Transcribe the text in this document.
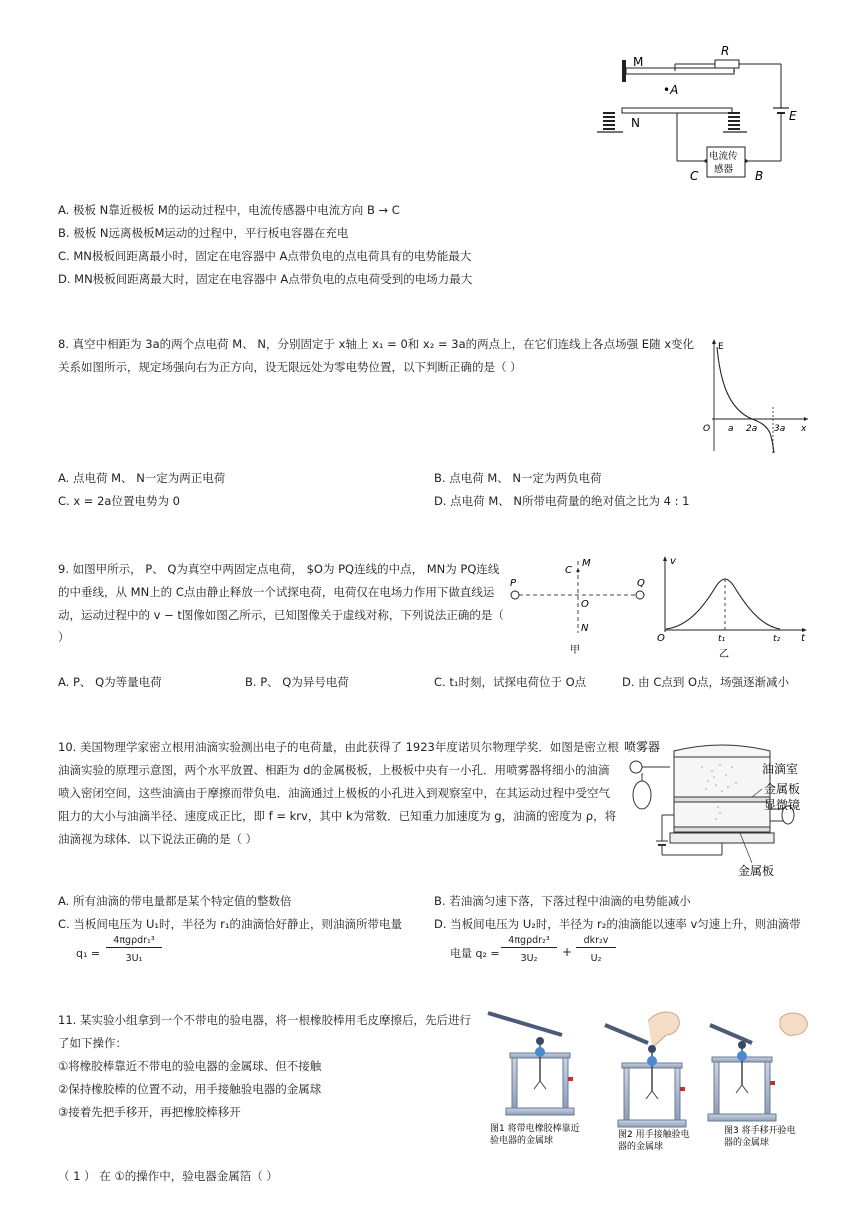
M
•A
N
R
E
电流传
感器
C	B
A. 极板 N靠近极板 M的运动过程中，电流传感器中电流方向 B → C
B. 极板 N远离极板M运动的过程中，平行板电容器在充电
C. MN极板间距离最小时，固定在电容器中 A点带负电的点电荷具有的电势能最大
D. MN极板间距离最大时，固定在电容器中 A点带负电的点电荷受到的电场力最大
8. 真空中相距为 3a的两个点电荷 M、 N，分别固定于 x轴上 x₁ = 0和 x₂ = 3a的两点上，在它们连线上各点场强 E随 x变化
关系如图所示，规定场强向右为正方向，设无限远处为零电势位置，以下判断正确的是（ ）
E
O a 2a 3a x
A. 点电荷 M、 N一定为两正电荷	B. 点电荷 M、 N一定为两负电荷
C. x = 2a位置电势为 0	D. 点电荷 M、 N所带电荷量的绝对值之比为 4 : 1
9. 如图甲所示， P、 Q为真空中两固定点电荷， $O为 PQ连线的中点， MN为 PQ连线
的中垂线，从 MN上的 C点由静止释放一个试探电荷，电荷仅在电场力作用下做直线运
动，运动过程中的 v − t图像如图乙所示，已知图像关于虚线对称，下列说法正确的是（
）
P	Q
C
M
O
N
甲
v
O	t₁	t₂ t
乙
A. P、 Q为等量电荷	B. P、 Q为异号电荷	C. t₁时刻，试探电荷位于 O点	D. 由 C点到 O点，场强逐渐减小
10. 美国物理学家密立根用油滴实验测出电子的电荷量，由此获得了 1923年度诺贝尔物理学奖．如图是密立根
油滴实验的原理示意图，两个水平放置、相距为 d的金属极板，上极板中央有一小孔．用喷雾器将细小的油滴
喷入密闭空间，这些油滴由于摩擦而带负电．油滴通过上极板的小孔进入到观察室中，在其运动过程中受空气
阻力的大小与油滴半径、速度成正比，即 f = krv，其中 k为常数．已知重力加速度为 g，油滴的密度为 ρ，将
油滴视为球体．以下说法正确的是（ ）
喷雾器
油滴室
金属板
显微镜
金属板
A. 所有油滴的带电量都是某个特定值的整数倍	B. 若油滴匀速下落，下落过程中油滴的电势能减小
C. 当板间电压为 U₁时，半径为 r₁的油滴恰好静止，则油滴所带电量	D. 当板间电压为 U₂时，半径为 r₂的油滴能以速率 v匀速上升，则油滴带
q₁ =
4πgρdr₁³
3U₁	电量 q₂ =
4πgρdr₂³
3U₂	+
dkr₂v
U₂
11. 某实验小组拿到一个不带电的验电器，将一根橡胶棒用毛皮摩擦后，先后进行
了如下操作：
①将橡胶棒靠近不带电的验电器的金属球、但不接触
②保持橡胶棒的位置不动，用手接触验电器的金属球
③接着先把手移开，再把橡胶棒移开
图1 将带电橡胶棒靠近
验电器的金属球
图2 用手接触验电
器的金属球
图3 将手移开验电
器的金属球
（ 1 ） 在 ①的操作中，验电器金属箔（ ）
